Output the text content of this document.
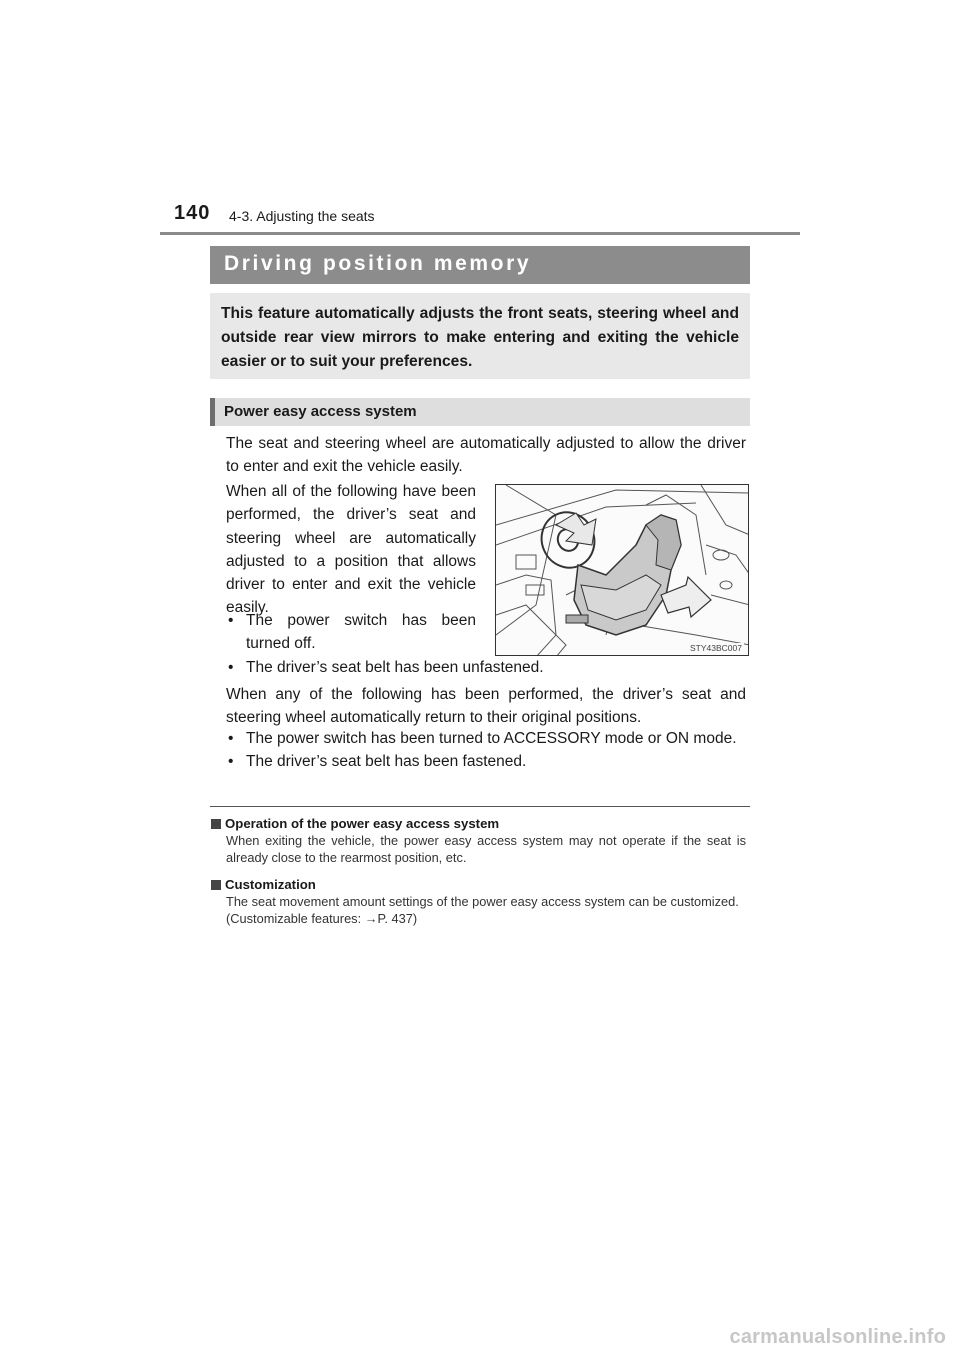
140 4-3. Adjusting the seats
Driving position memory
This feature automatically adjusts the front seats, steering wheel and outside rear view mirrors to make entering and exiting the vehicle easier or to suit your preferences.
Power easy access system
The seat and steering wheel are automatically adjusted to allow the driver to enter and exit the vehicle easily.
When all of the following have been performed, the driver’s seat and steering wheel are automatically adjusted to a position that allows driver to enter and exit the vehicle easily.
• The power switch has been turned off.
• The driver’s seat belt has been unfastened.
When any of the following has been performed, the driver’s seat and steering wheel automatically return to their original positions.
• The power switch has been turned to ACCESSORY mode or ON mode.
• The driver’s seat belt has been fastened.
STY43BC007
Operation of the power easy access system
When exiting the vehicle, the power easy access system may not operate if the seat is already close to the rearmost position, etc.
Customization
The seat movement amount settings of the power easy access system can be customized.
(Customizable features: →P. 437)
carmanualsonline.info
